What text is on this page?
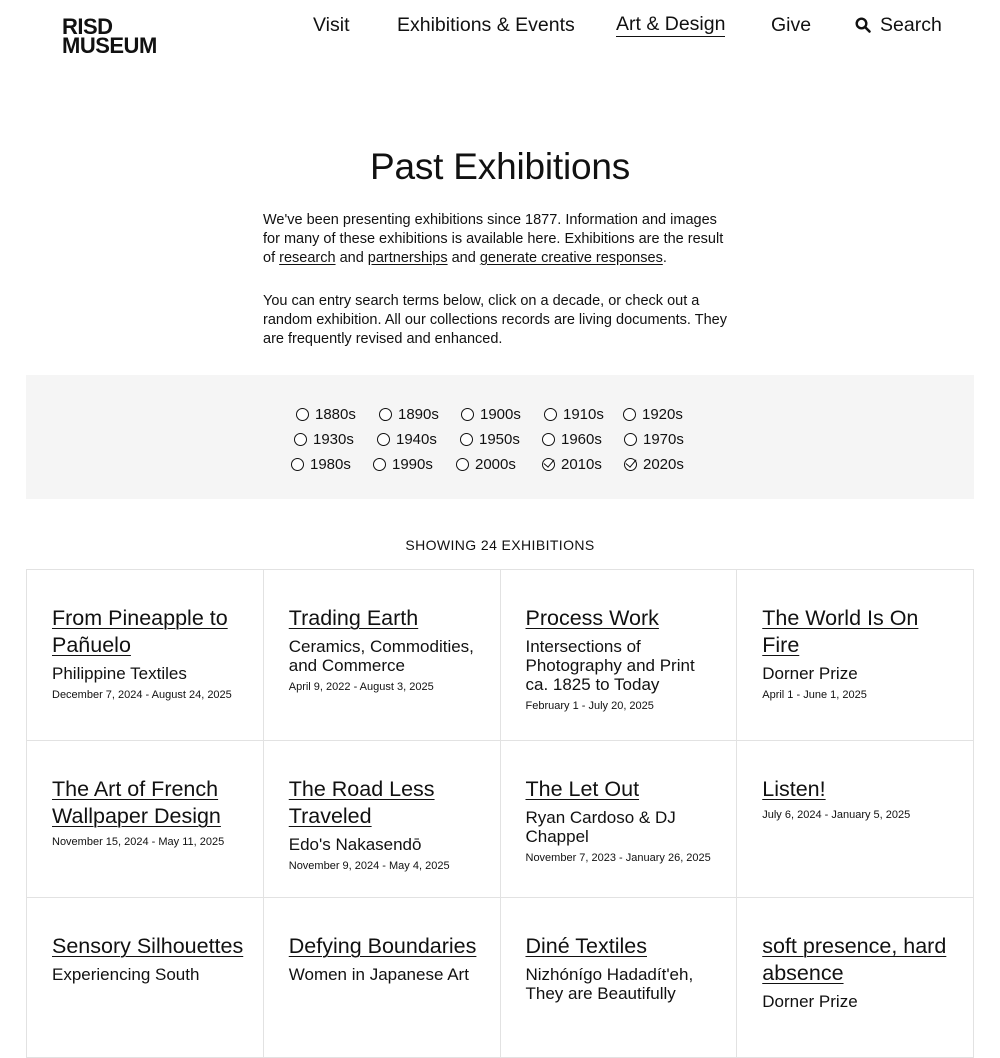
RISD
MUSEUM
Visit Exhibitions & Events Art & Design Give	Search
Past Exhibitions

We've been presenting exhibitions since 1877. Information and images for many of these exhibitions is available here. Exhibitions are the result of research and partnerships and generate creative responses.

You can entry search terms below, click on a decade, or check out a random exhibition. All our collections records are living documents. They are frequently revised and enhanced.

1880s	1890s	1900s	1910s	1920s
1930s	1940s	1950s	1960s	1970s
1980s	1990s	2000s	2010s	2020s
SHOWING 24 EXHIBITIONS
From Pineapple to Pañuelo
Philippine Textiles
December 7, 2024 - August 24, 2025
Trading Earth
Ceramics, Commodities, and Commerce
April 9, 2022 - August 3, 2025
Process Work
Intersections of Photography and Print ca. 1825 to Today
February 1 - July 20, 2025
The World Is On Fire
Dorner Prize
April 1 - June 1, 2025
The Art of French Wallpaper Design
November 15, 2024 - May 11, 2025
The Road Less Traveled
Edo's Nakasendō
November 9, 2024 - May 4, 2025
The Let Out
Ryan Cardoso & DJ Chappel
November 7, 2023 - January 26, 2025
Listen!
July 6, 2024 - January 5, 2025
Sensory Silhouettes
Experiencing South
Defying Boundaries
Women in Japanese Art
Diné Textiles
Nizhónígo Hadadít'eh, They are Beautifully
soft presence, hard absence
Dorner Prize
